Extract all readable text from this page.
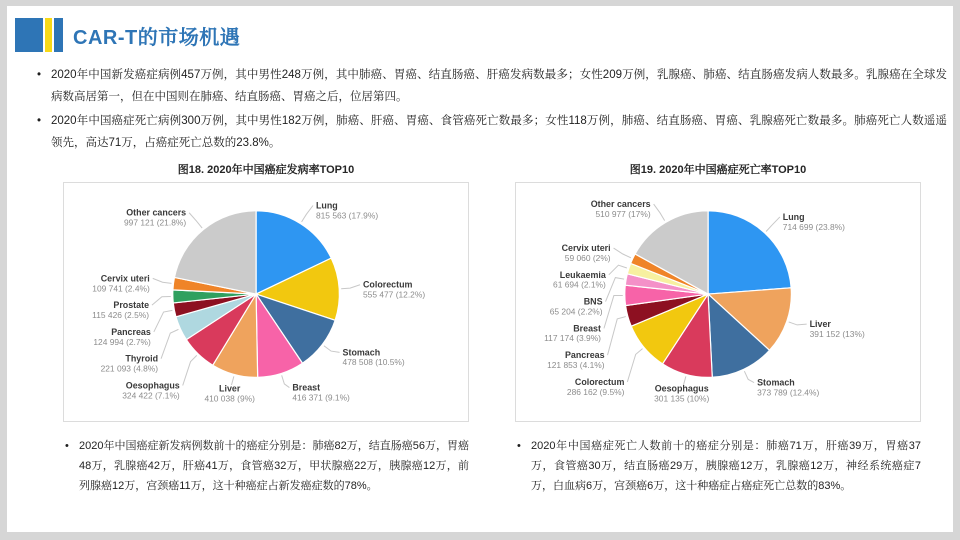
CAR-T的市场机遇
• 2020年中国新发癌症病例457万例，其中男性248万例，其中肺癌、胃癌、结直肠癌、肝癌发病数最多；女性209万例，乳腺癌、肺癌、结直肠癌发病人数最多。乳腺癌在全球发病数高居第一，但在中国则在肺癌、结直肠癌、胃癌之后，位居第四。
• 2020年中国癌症死亡病例300万例，其中男性182万例，肺癌、肝癌、胃癌、食管癌死亡数最多；女性118万例，肺癌、结直肠癌、胃癌、乳腺癌死亡数最多。肺癌死亡人数遥遥领先，高达71万，占癌症死亡总数的23.8%。
图18. 2020年中国癌症发病率TOP10
Lung
815 563 (17.9%)
Colorectum
555 477 (12.2%)
Stomach
478 508 (10.5%)
Breast
416 371 (9.1%)
Liver
410 038 (9%)
Oesophagus
324 422 (7.1%)
Thyroid
221 093 (4.8%)
Pancreas
124 994 (2.7%)
Prostate
115 426 (2.5%)
Cervix uteri
109 741 (2.4%)
Other cancers
997 121 (21.8%)
• 2020年中国癌症新发病例数前十的癌症分别是：肺癌82万，结直肠癌56万，胃癌48万，乳腺癌42万，肝癌41万，食管癌32万，甲状腺癌22万，胰腺癌12万，前列腺癌12万，宫颈癌11万，这十种癌症占新发癌症数的78%。
图19. 2020年中国癌症死亡率TOP10
Lung
714 699 (23.8%)
Liver
391 152 (13%)
Stomach
373 789 (12.4%)
Oesophagus
301 135 (10%)
Colorectum
286 162 (9.5%)
Pancreas
121 853 (4.1%)
Breast
117 174 (3.9%)
BNS
65 204 (2.2%)
Leukaemia
61 694 (2.1%)
Cervix uteri
59 060 (2%)
Other cancers
510 977 (17%)
• 2020年中国癌症死亡人数前十的癌症分别是：肺癌71万，肝癌39万，胃癌37万，食管癌30万，结直肠癌29万，胰腺癌12万，乳腺癌12万，神经系统癌症7万，白血病6万，宫颈癌6万，这十种癌症占癌症死亡总数的83%。
